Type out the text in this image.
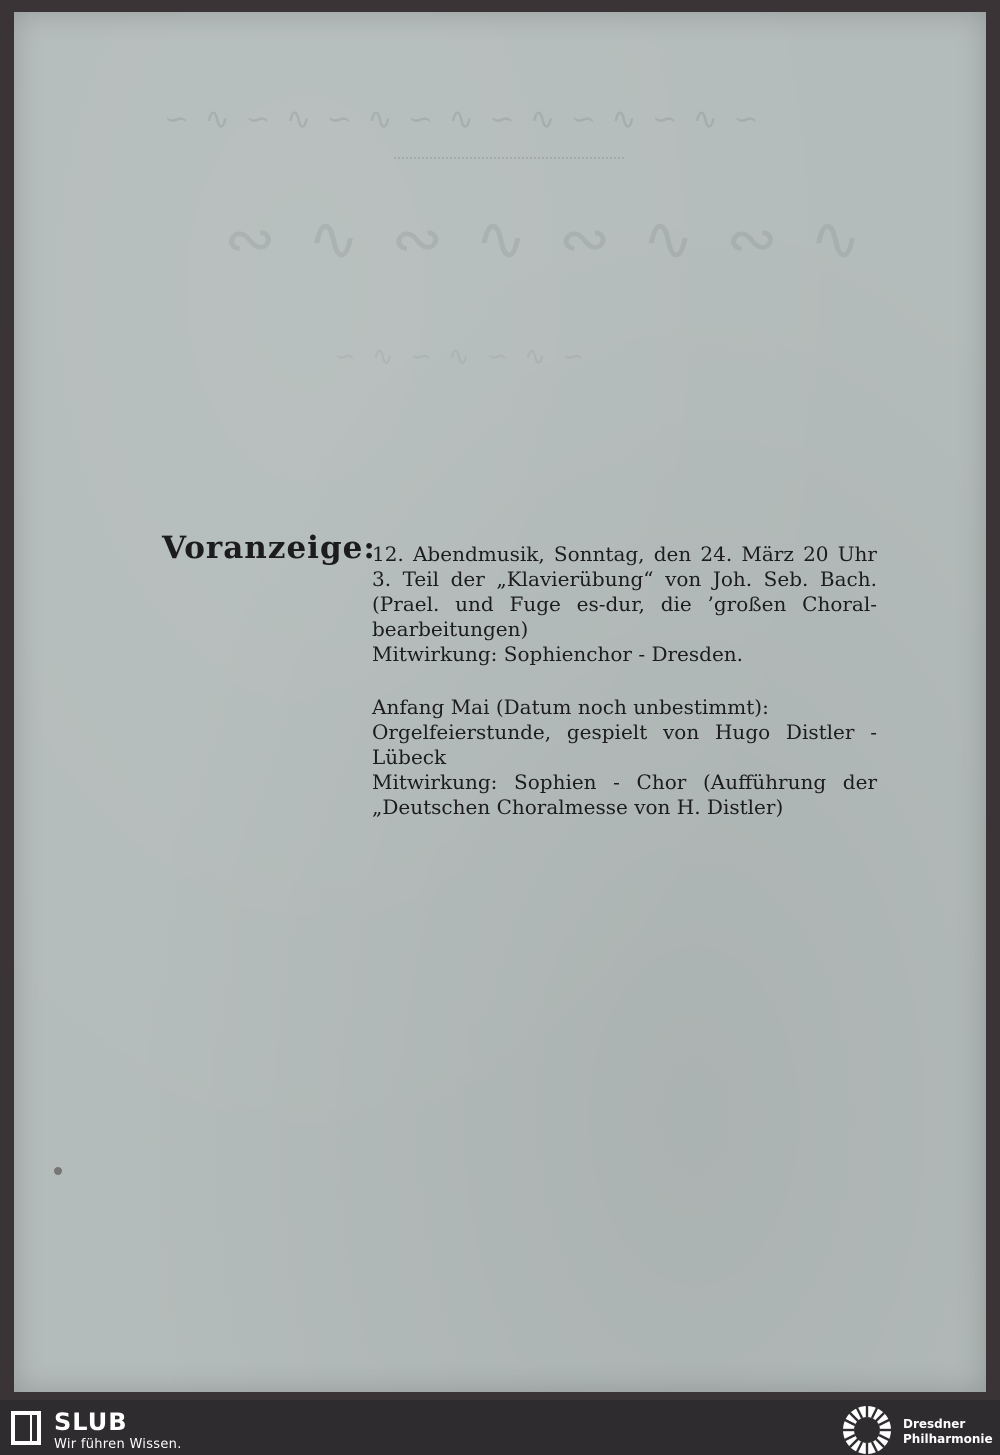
∽ ∿ ∽ ∿ ∽ ∿ ∽ ∿ ∽ ∿ ∽ ∿ ∽ ∿ ∽
∾ ∿ ∾ ∿ ∾ ∿ ∾ ∿
∽ ∿ ∽ ∿ ∽ ∿ ∽
Voranzeige:

12. Abendmusik, Sonntag, den 24. März 20 Uhr

3. Teil der „Klavierübung“ von Joh. Seb. Bach.

(Prael. und Fuge es-dur, die ’großen Choral-

bearbeitungen)

Mitwirkung: Sophienchor - Dresden.

Anfang Mai (Datum noch unbestimmt):

Orgelfeierstunde, gespielt von Hugo Distler - Lübeck

Mitwirkung: Sophien - Chor (Aufführung der

„Deutschen Choralmesse von H. Distler)

SLUB
Wir führen Wissen.
Dresdner
Philharmonie
